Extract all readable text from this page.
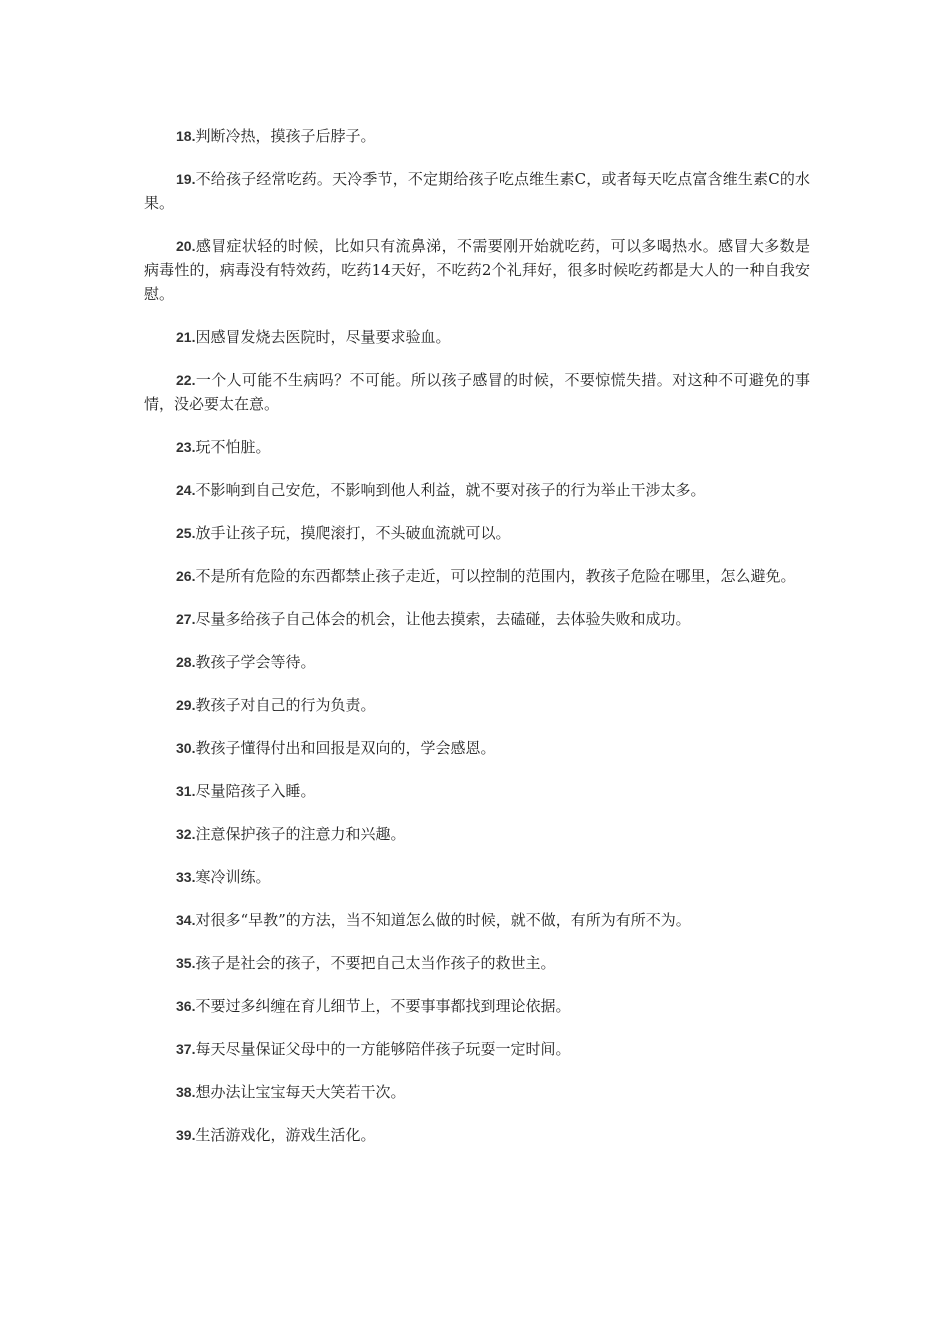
18.判断冷热，摸孩子后脖子。

19.不给孩子经常吃药。天冷季节，不定期给孩子吃点维生素C，或者每天吃点富含维生素C的水果。

20.感冒症状轻的时候，比如只有流鼻涕，不需要刚开始就吃药，可以多喝热水。感冒大多数是病毒性的，病毒没有特效药，吃药14天好，不吃药2个礼拜好，很多时候吃药都是大人的一种自我安慰。

21.因感冒发烧去医院时，尽量要求验血。

22.一个人可能不生病吗？不可能。所以孩子感冒的时候，不要惊慌失措。对这种不可避免的事情，没必要太在意。

23.玩不怕脏。

24.不影响到自己安危，不影响到他人利益，就不要对孩子的行为举止干涉太多。

25.放手让孩子玩，摸爬滚打，不头破血流就可以。

26.不是所有危险的东西都禁止孩子走近，可以控制的范围内，教孩子危险在哪里，怎么避免。

27.尽量多给孩子自己体会的机会，让他去摸索，去磕碰，去体验失败和成功。

28.教孩子学会等待。

29.教孩子对自己的行为负责。

30.教孩子懂得付出和回报是双向的，学会感恩。

31.尽量陪孩子入睡。

32.注意保护孩子的注意力和兴趣。

33.寒冷训练。

34.对很多“早教”的方法，当不知道怎么做的时候，就不做，有所为有所不为。

35.孩子是社会的孩子，不要把自己太当作孩子的救世主。

36.不要过多纠缠在育儿细节上，不要事事都找到理论依据。

37.每天尽量保证父母中的一方能够陪伴孩子玩耍一定时间。

38.想办法让宝宝每天大笑若干次。

39.生活游戏化，游戏生活化。
